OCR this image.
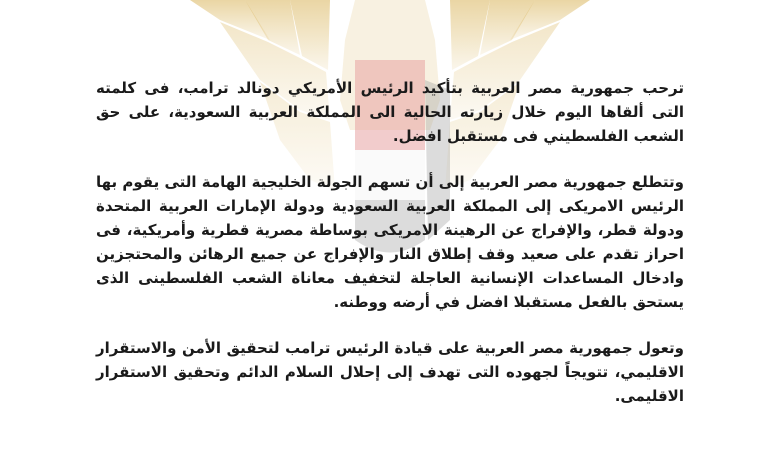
ترحب جمهورية مصر العربية بتأكيد الرئيس الأمريكي دونالد ترامب، فى كلمته التى ألقاها اليوم خلال زيارته الحالية الى المملكة العربية السعودية، على حق الشعب الفلسطيني فى مستقبل افضل.

وتتطلع جمهورية مصر العربية إلى أن تسهم الجولة الخليجية الهامة التى يقوم بها الرئيس الامريكى إلى المملكة العربية السعودية ودولة الإمارات العربية المتحدة ودولة قطر، والإفراج عن الرهينة الامريكى بوساطة مصرية قطرية وأمريكية، فى احراز تقدم على صعيد وقف إطلاق النار والإفراج عن جميع الرهائن والمحتجزين وادخال المساعدات الإنسانية العاجلة لتخفيف معاناة الشعب الفلسطينى الذى يستحق بالفعل مستقبلا افضل في أرضه ووطنه.

وتعول جمهورية مصر العربية على قيادة الرئيس ترامب لتحقيق الأمن والاستقرار الاقليمي، تتويجاً لجهوده التى تهدف إلى إحلال السلام الدائم وتحقيق الاستقرار الاقليمى.
